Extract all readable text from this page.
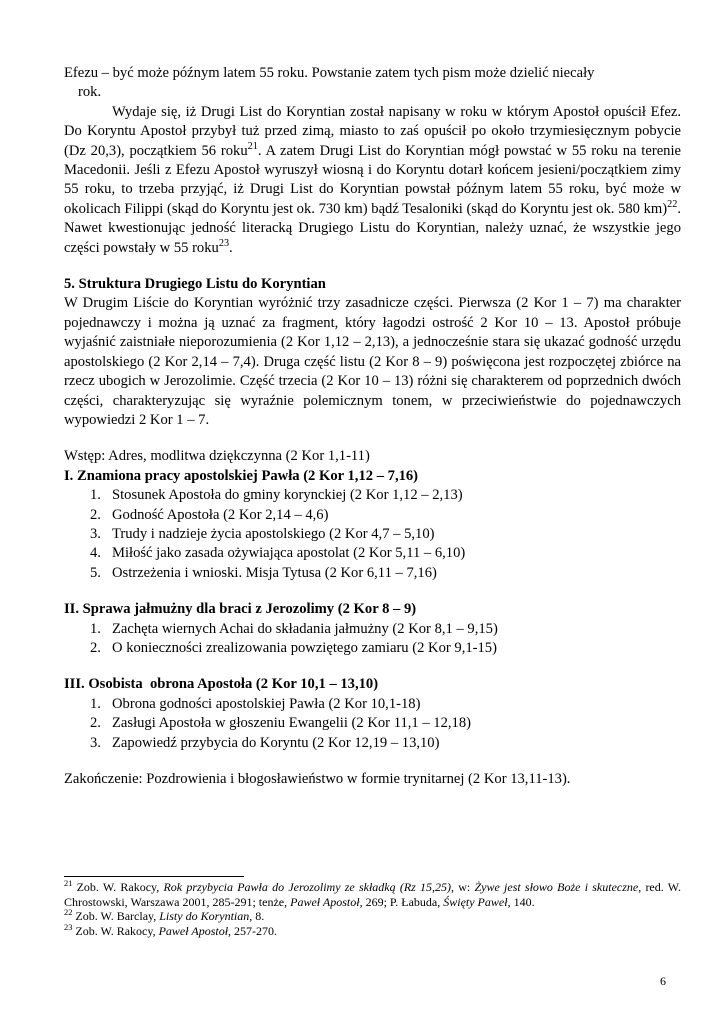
Efezu – być może późnym latem 55 roku. Powstanie zatem tych pism może dzielić niecały
rok.

Wydaje się, iż Drugi List do Koryntian został napisany w roku w którym Apostoł opuścił Efez. Do Koryntu Apostoł przybył tuż przed zimą, miasto to zaś opuścił po około trzymiesięcznym pobycie (Dz 20,3), początkiem 56 roku$^{21}$. A zatem Drugi List do Koryntian mógł powstać w 55 roku na terenie Macedonii. Jeśli z Efezu Apostoł wyruszył wiosną i do Koryntu dotarł końcem jesieni/początkiem zimy 55 roku, to trzeba przyjąć, iż Drugi List do Koryntian powstał późnym latem 55 roku, być może w okolicach Filippi (skąd do Koryntu jest ok. 730 km) bądź Tesaloniki (skąd do Koryntu jest ok. 580 km)$^{22}$. Nawet kwestionując jedność literacką Drugiego Listu do Koryntian, należy uznać, że wszystkie jego części powstały w 55 roku$^{23}$.

5. Struktura Drugiego Listu do Koryntian

W Drugim Liście do Koryntian wyróżnić trzy zasadnicze części. Pierwsza (2 Kor 1 – 7) ma charakter pojednawczy i można ją uznać za fragment, który łagodzi ostrość 2 Kor 10 – 13. Apostoł próbuje wyjaśnić zaistniałe nieporozumienia (2 Kor 1,12 – 2,13), a jednocześnie stara się ukazać godność urzędu apostolskiego (2 Kor 2,14 – 7,4). Druga część listu (2 Kor 8 – 9) poświęcona jest rozpoczętej zbiórce na rzecz ubogich w Jerozolimie. Część trzecia (2 Kor 10 – 13) różni się charakterem od poprzednich dwóch części, charakteryzując się wyraźnie polemicznym tonem, w przeciwieństwie do pojednawczych wypowiedzi 2 Kor 1 – 7.

Wstęp: Adres, modlitwa dziękczynna (2 Kor 1,1-11)

I. Znamiona pracy apostolskiej Pawła (2 Kor 1,12 – 7,16)

1. Stosunek Apostoła do gminy korynckiej (2 Kor 1,12 – 2,13)
2. Godność Apostoła (2 Kor 2,14 – 4,6)
3. Trudy i nadzieje życia apostolskiego (2 Kor 4,7 – 5,10)
4. Miłość jako zasada ożywiająca apostolat (2 Kor 5,11 – 6,10)
5. Ostrzeżenia i wnioski. Misja Tytusa (2 Kor 6,11 – 7,16)

II. Sprawa jałmużny dla braci z Jerozolimy (2 Kor 8 – 9)

1. Zachęta wiernych Achai do składania jałmużny (2 Kor 8,1 – 9,15)
2. O konieczności zrealizowania powziętego zamiaru (2 Kor 9,1-15)

III. Osobista  obrona Apostoła (2 Kor 10,1 – 13,10)

1. Obrona godności apostolskiej Pawła (2 Kor 10,1-18)
2. Zasługi Apostoła w głoszeniu Ewangelii (2 Kor 11,1 – 12,18)
3. Zapowiedź przybycia do Koryntu (2 Kor 12,19 – 13,10)

Zakończenie: Pozdrowienia i błogosławieństwo w formie trynitarnej (2 Kor 13,11-13).

$^{21}$ Zob. W. Rakocy, Rok przybycia Pawła do Jerozolimy ze składką (Rz 15,25), w: Żywe jest słowo Boże i skuteczne, red. W. Chrostowski, Warszawa 2001, 285-291; tenże, Paweł Apostoł, 269; P. Łabuda, Święty Paweł, 140.

$^{22}$ Zob. W. Barclay, Listy do Koryntian, 8.

$^{23}$ Zob. W. Rakocy, Paweł Apostoł, 257-270.

6
